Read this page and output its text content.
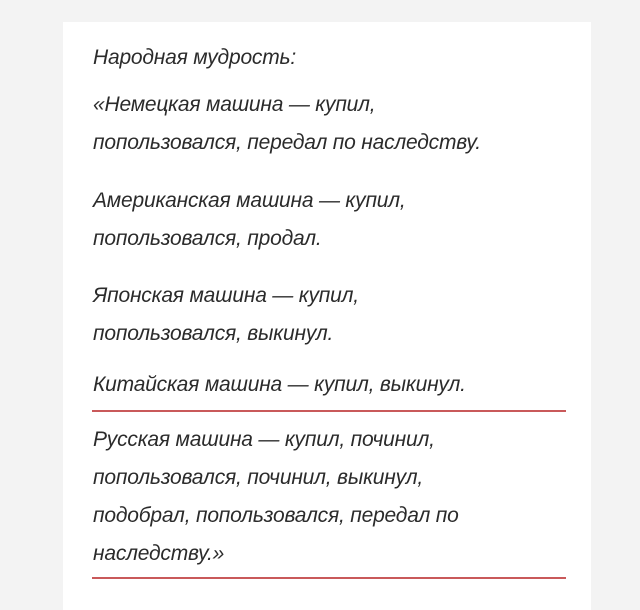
Народная мудрость:

«Немецкая машина — купил,
попользовался, передал по наследству.

Американская машина — купил,
попользовался, продал.

Японская машина — купил,
попользовался, выкинул.

Китайская машина — купил, выкинул.

Русская машина — купил, починил,
попользовался, починил, выкинул,
подобрал, попользовался, передал по
наследству.»
